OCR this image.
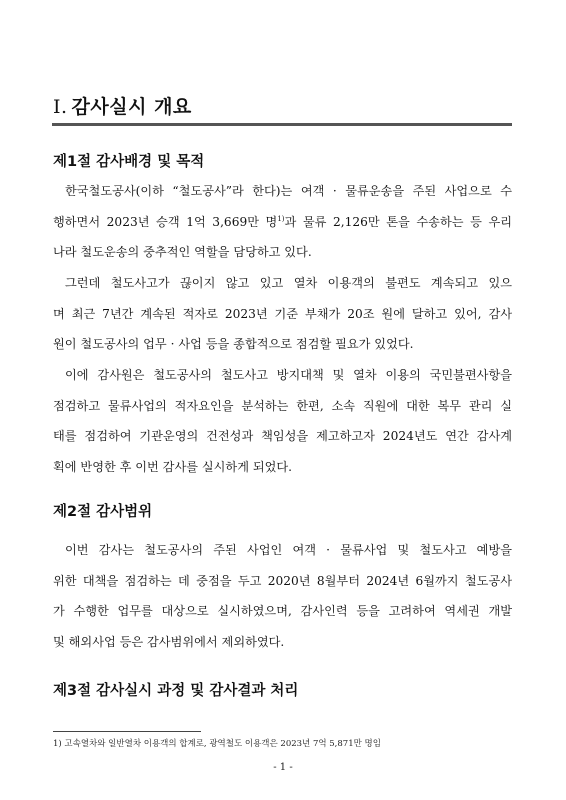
Ⅰ. 감사실시 개요
제1절 감사배경 및 목적
한국철도공사(이하 “철도공사”라 한다)는 여객 · 물류운송을 주된 사업으로 수
행하면서 2023년 승객 1억 3,669만 명$^{1)}$과 물류 2,126만 톤을 수송하는 등 우리
나라 철도운송의 중추적인 역할을 담당하고 있다.
그런데 철도사고가 끊이지 않고 있고 열차 이용객의 불편도 계속되고 있으
며 최근 7년간 계속된 적자로 2023년 기준 부채가 20조 원에 달하고 있어, 감사
원이 철도공사의 업무 · 사업 등을 종합적으로 점검할 필요가 있었다.
이에 감사원은 철도공사의 철도사고 방지대책 및 열차 이용의 국민불편사항을
점검하고 물류사업의 적자요인을 분석하는 한편, 소속 직원에 대한 복무 관리 실
태를 점검하여 기관운영의 건전성과 책임성을 제고하고자 2024년도 연간 감사계
획에 반영한 후 이번 감사를 실시하게 되었다.
제2절 감사범위
이번 감사는 철도공사의 주된 사업인 여객 · 물류사업 및 철도사고 예방을
위한 대책을 점검하는 데 중점을 두고 2020년 8월부터 2024년 6월까지 철도공사
가 수행한 업무를 대상으로 실시하였으며, 감사인력 등을 고려하여 역세권 개발
및 해외사업 등은 감사범위에서 제외하였다.
제3절 감사실시 과정 및 감사결과 처리
1) 고속열차와 일반열차 이용객의 합계로, 광역철도 이용객은 2023년 7억 5,871만 명임
- 1 -
